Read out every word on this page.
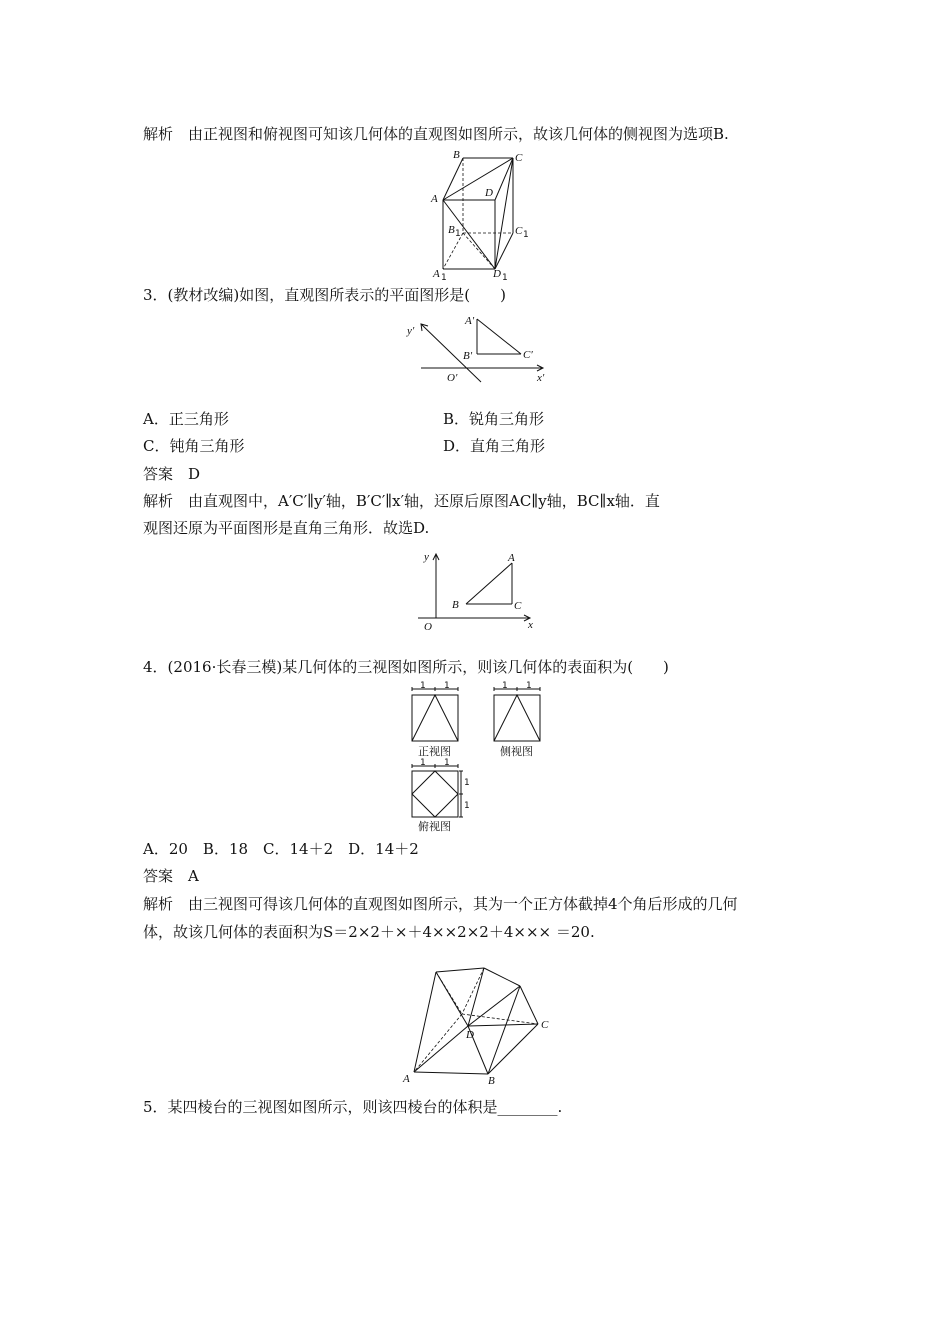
解析　由正视图和俯视图可知该几何体的直观图如图所示，故该几何体的侧视图为选项B.
B	C
A	D
B 1	C 1
A 1	D 1
3．(教材改编)如图，直观图所表示的平面图形是(　　)
y′
A′
B′	C′
O′	x′
A．正三角形	B．锐角三角形
C．钝角三角形	D．直角三角形
答案　D
解析　由直观图中，A′C′∥y′轴，B′C′∥x′轴，还原后原图AC∥y轴，BC∥x轴．直
观图还原为平面图形是直角三角形．故选D.
y	A
B	C
O	x
4．(2016·长春三模)某几何体的三视图如图所示，则该几何体的表面积为(　　)
1 1	1 1
1 1
1
1
正视图	侧视图
俯视图
A．20　B．18　C．14＋2　D．14＋2
答案　A
解析　由三视图可得该几何体的直观图如图所示，其为一个正方体截掉4个角后形成的几何
体，故该几何体的表面积为S＝2×2＋×＋4××2×2＋4××× ＝20.
D
C
A	B
5．某四棱台的三视图如图所示，则该四棱台的体积是________.
